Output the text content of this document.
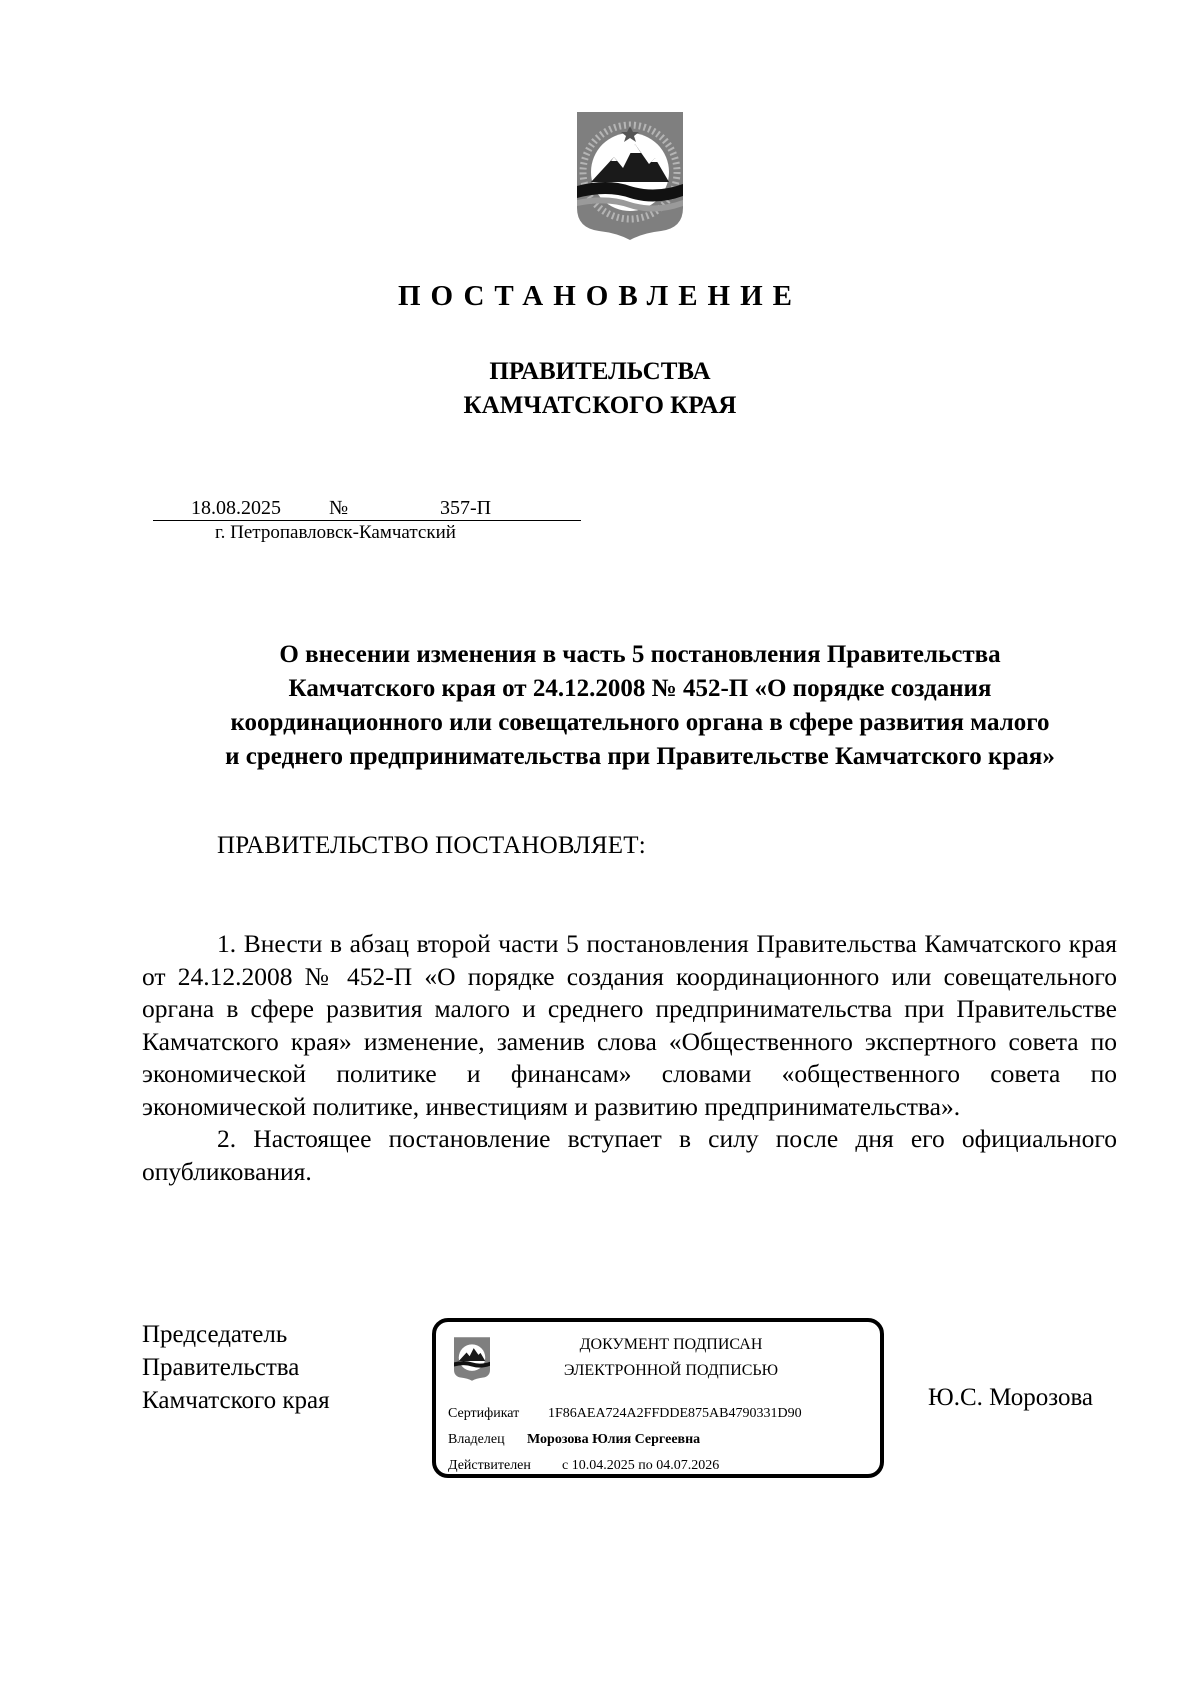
ПОСТАНОВЛЕНИЕ
ПРАВИТЕЛЬСТВА
КАМЧАТСКОГО КРАЯ
18.08.2025 №	357-П
г. Петропавловск-Камчатский
О внесении изменения в часть 5 постановления Правительства
Камчатского края от 24.12.2008 № 452-П «О порядке создания
координационного или совещательного органа в сфере развития малого
и среднего предпринимательства при Правительстве Камчатского края»
ПРАВИТЕЛЬСТВО ПОСТАНОВЛЯЕТ:

1. Внести в абзац второй части 5 постановления Правительства Камчатского края от 24.12.2008 № 452-П «О порядке создания координационного или совещательного органа в сфере развития малого и среднего предпринимательства при Правительстве Камчатского края» изменение, заменив слова «Общественного экспертного совета по экономической политике и финансам» словами «общественного совета по экономической политике, инвестициям и развитию предпринимательства».

2. Настоящее постановление вступает в силу после дня его официального опубликования.

Председатель
Правительства
Камчатского края
ДОКУМЕНТ ПОДПИСАН
ЭЛЕКТРОННОЙ ПОДПИСЬЮ
Сертификат 1F86AEA724A2FFDDE875AB4790331D90
Владелец Морозова Юлия Сергеевна
Действителен с 10.04.2025 по 04.07.2026
Ю.С. Морозова
